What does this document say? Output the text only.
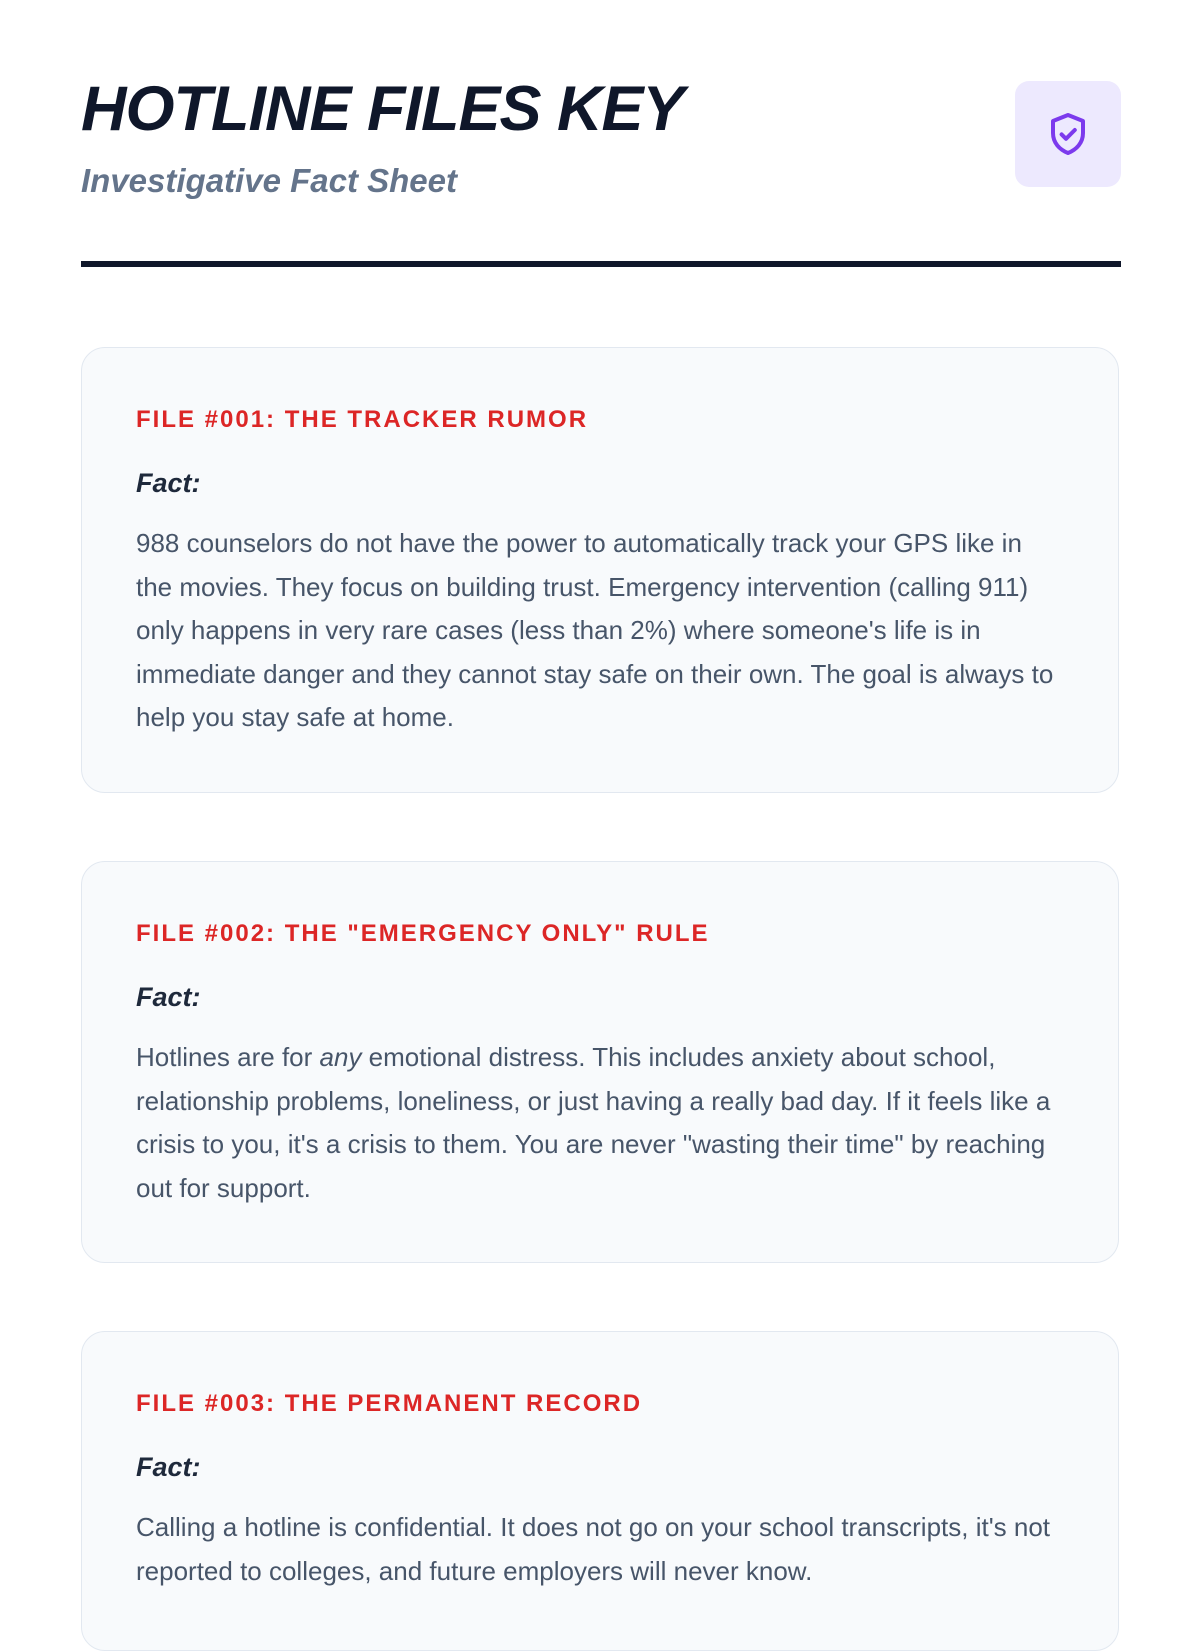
HOTLINE FILES KEY
Investigative Fact Sheet
FILE #001: THE TRACKER RUMOR

Fact:

988 counselors do not have the power to automatically track your GPS like in the movies. They focus on building trust. Emergency intervention (calling 911) only happens in very rare cases (less than 2%) where someone's life is in immediate danger and they cannot stay safe on their own. The goal is always to help you stay safe at home.

FILE #002: THE "EMERGENCY ONLY" RULE

Fact:

Hotlines are for any emotional distress. This includes anxiety about school, relationship problems, loneliness, or just having a really bad day. If it feels like a crisis to you, it's a crisis to them. You are never "wasting their time" by reaching out for support.

FILE #003: THE PERMANENT RECORD

Fact:

Calling a hotline is confidential. It does not go on your school transcripts, it's not reported to colleges, and future employers will never know.
